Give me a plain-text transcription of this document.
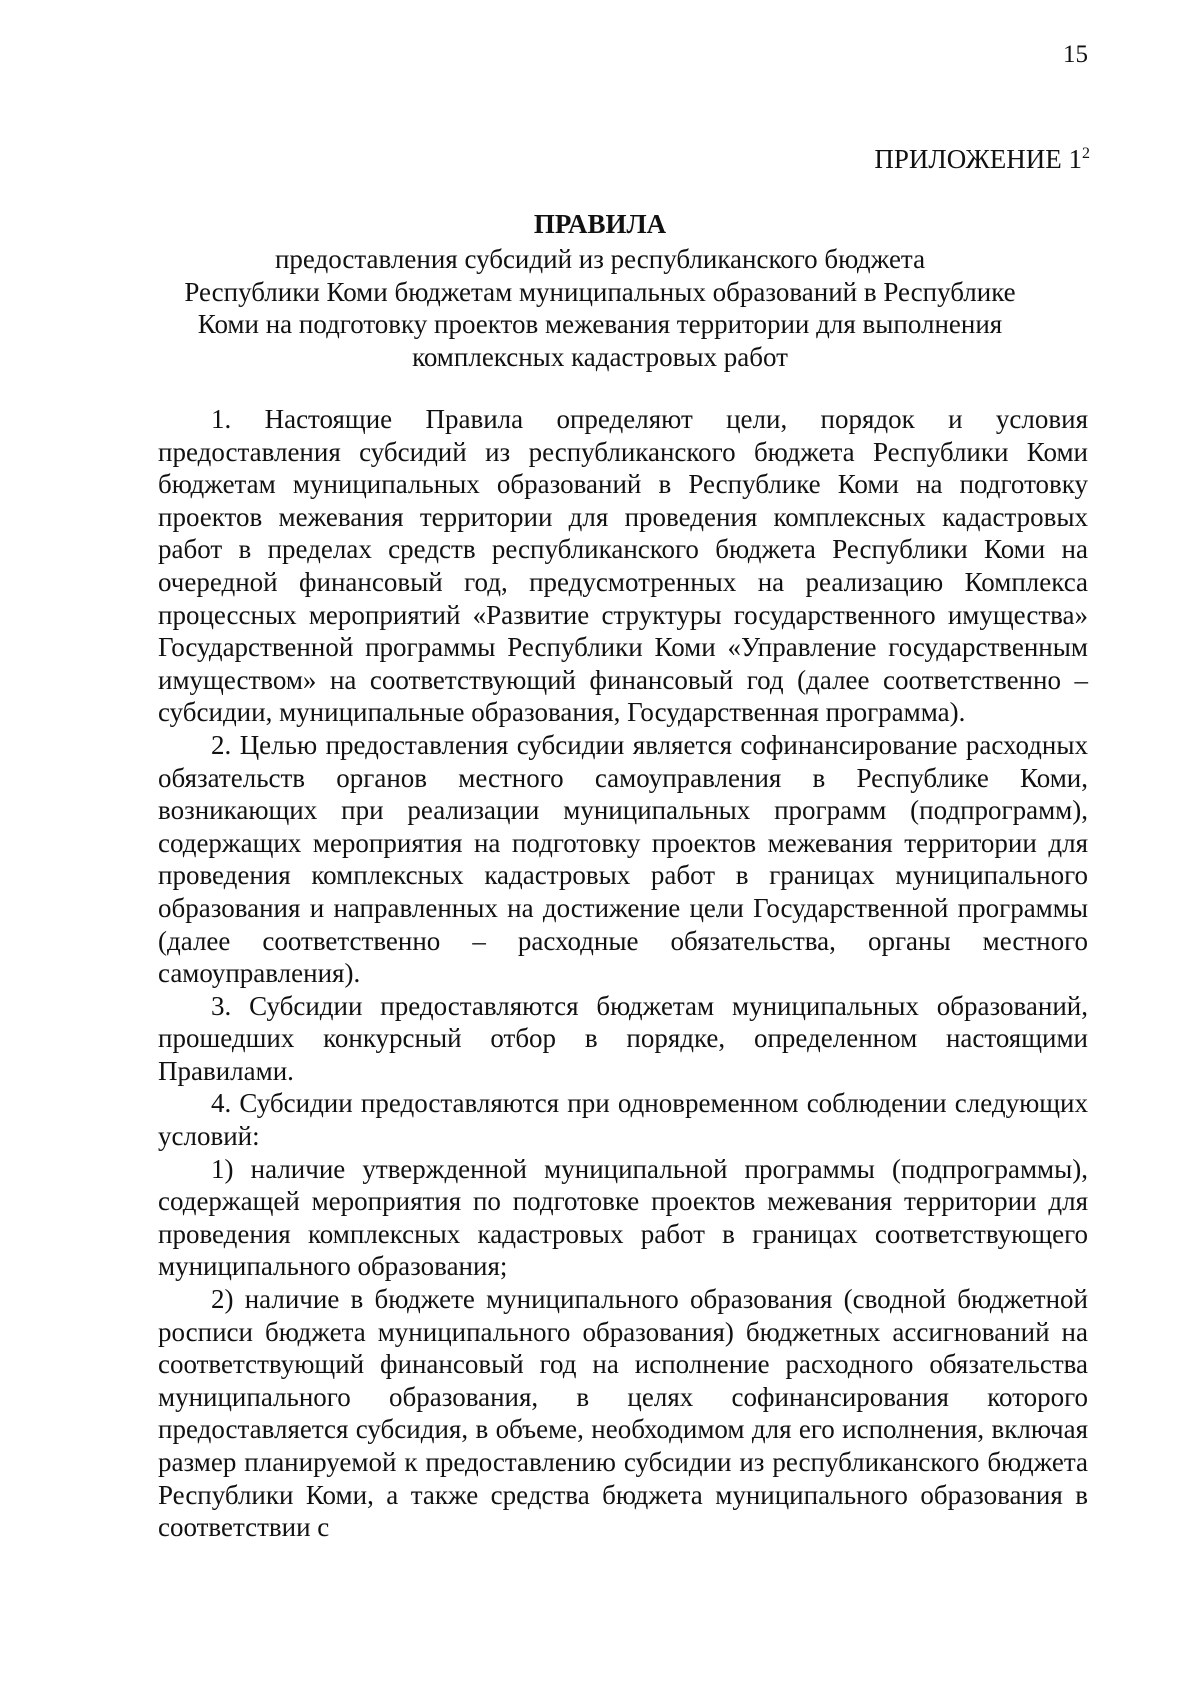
15
ПРИЛОЖЕНИЕ $1^2$
ПРАВИЛА
предоставления субсидий из республиканского бюджета
Республики Коми бюджетам муниципальных образований в Республике
Коми на подготовку проектов межевания территории для выполнения
комплексных кадастровых работ

1. Настоящие Правила определяют цели, порядок и условия предоставления субсидий из республиканского бюджета Республики Коми бюджетам муниципальных образований в Республике Коми на подготовку проектов межевания территории для проведения комплексных кадастровых работ в пределах средств республиканского бюджета Республики Коми на очередной финансовый год, предусмотренных на реализацию Комплекса процессных мероприятий «Развитие структуры государственного имущества» Государственной программы Республики Коми «Управление государственным имуществом» на соответствующий финансовый год (далее соответственно – субсидии, муниципальные образования, Государственная программа).

2. Целью предоставления субсидии является софинансирование расходных обязательств органов местного самоуправления в Республике Коми, возникающих при реализации муниципальных программ (подпрограмм), содержащих мероприятия на подготовку проектов межевания территории для проведения комплексных кадастровых работ в границах муниципального образования и направленных на достижение цели Государственной программы (далее соответственно – расходные обязательства, органы местного самоуправления).

3. Субсидии предоставляются бюджетам муниципальных образований, прошедших конкурсный отбор в порядке, определенном настоящими Правилами.

4. Субсидии предоставляются при одновременном соблюдении следующих условий:

1) наличие утвержденной муниципальной программы (подпрограммы), содержащей мероприятия по подготовке проектов межевания территории для проведения комплексных кадастровых работ в границах соответствующего муниципального образования;

2) наличие в бюджете муниципального образования (сводной бюджетной росписи бюджета муниципального образования) бюджетных ассигнований на соответствующий финансовый год на исполнение расходного обязательства муниципального образования, в целях софинансирования которого предоставляется субсидия, в объеме, необходимом для его исполнения, включая размер планируемой к предоставлению субсидии из республиканского бюджета Республики Коми, а также средства бюджета муниципального образования в соответствии с
